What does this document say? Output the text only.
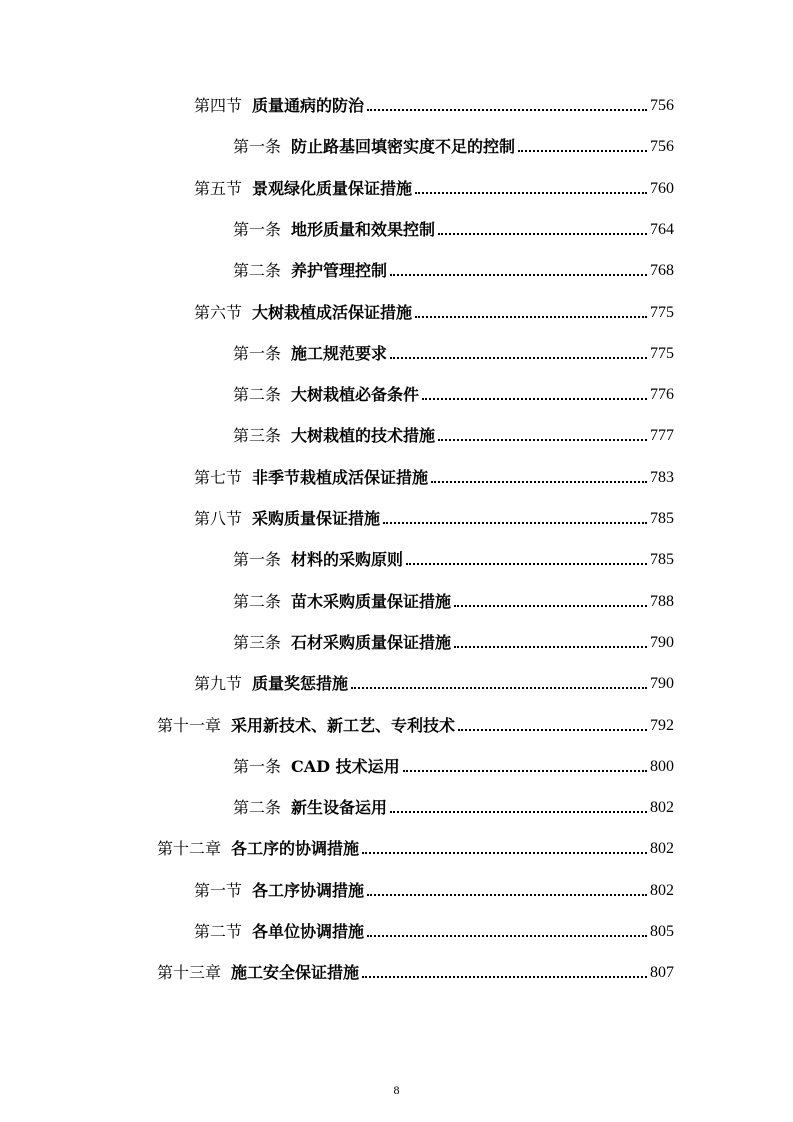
第四节 质量通病的防治	756
第一条 防止路基回填密实度不足的控制	756
第五节 景观绿化质量保证措施	760
第一条 地形质量和效果控制	764
第二条 养护管理控制	768
第六节 大树栽植成活保证措施	775
第一条 施工规范要求	775
第二条 大树栽植必备条件	776
第三条 大树栽植的技术措施	777
第七节 非季节栽植成活保证措施	783
第八节 采购质量保证措施	785
第一条 材料的采购原则	785
第二条 苗木采购质量保证措施	788
第三条 石材采购质量保证措施	790
第九节 质量奖惩措施	790
第十一章 采用新技术、新工艺、专利技术	792
第一条 CAD 技术运用	800
第二条 新生设备运用	802
第十二章 各工序的协调措施	802
第一节 各工序协调措施	802
第二节 各单位协调措施	805
第十三章 施工安全保证措施	807
8
